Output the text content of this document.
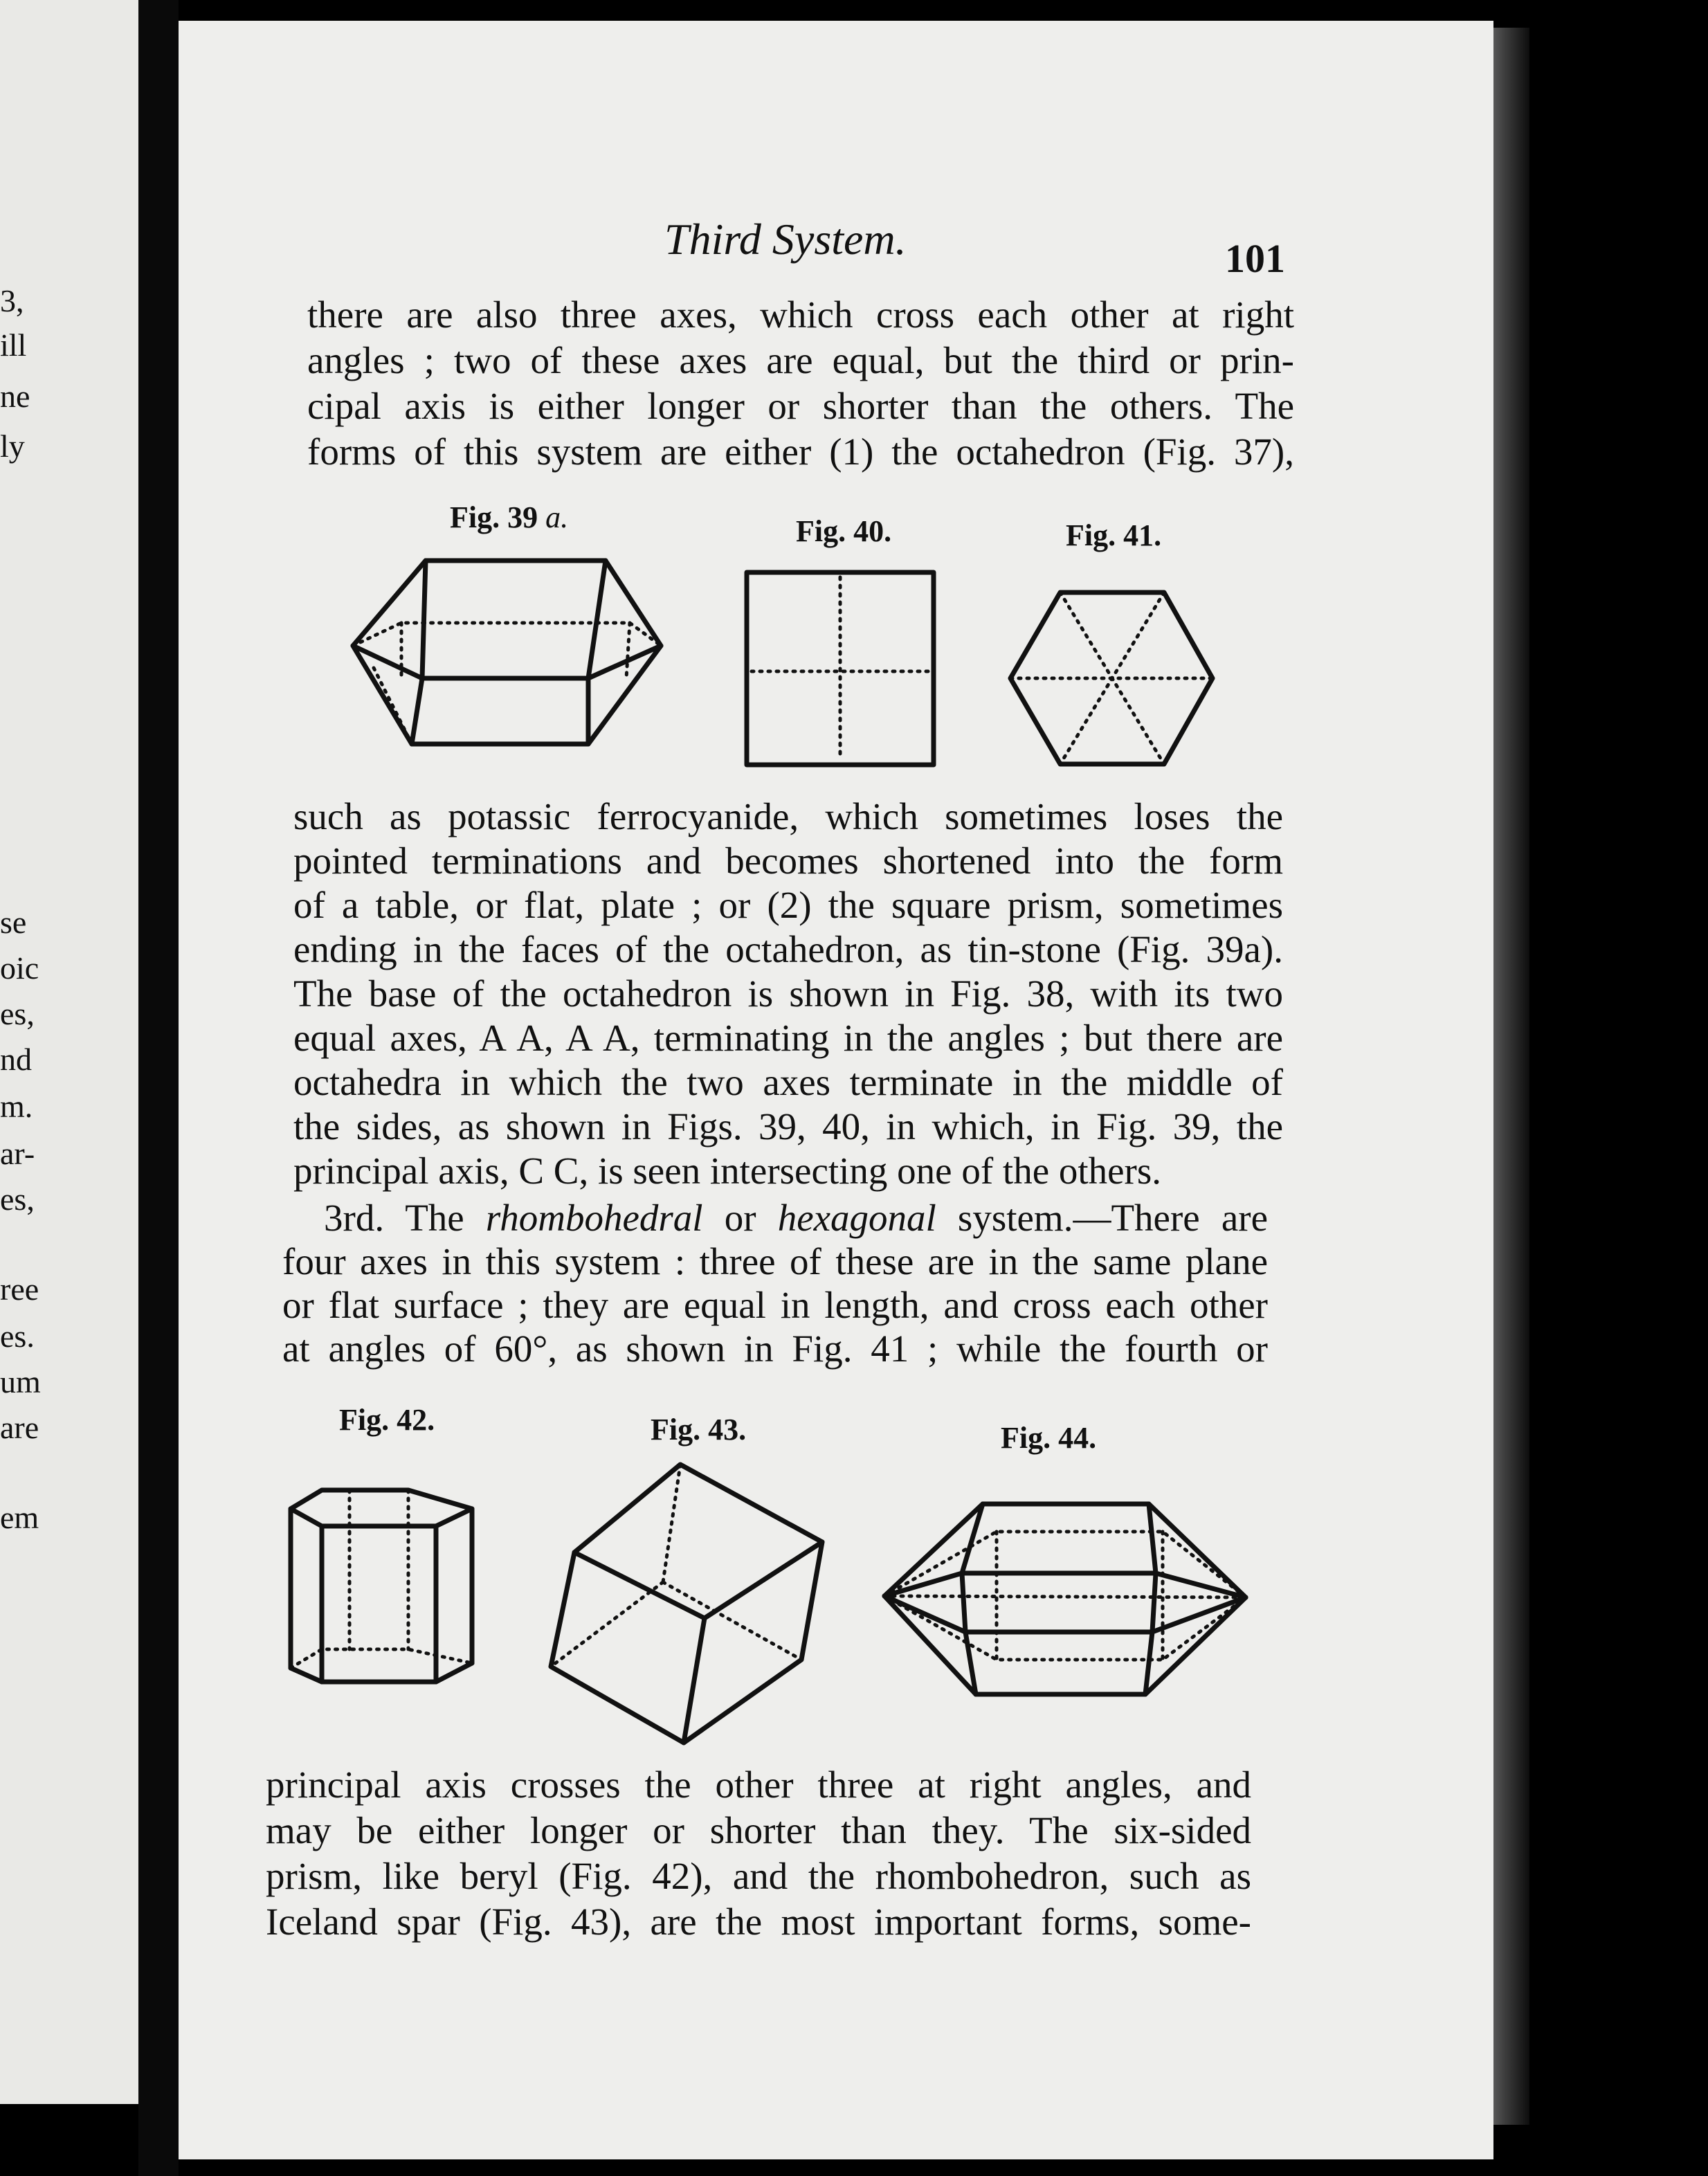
3,
ill
ne
ly
se
oic
es,
nd
m.
ar-
es,
ree
es.
um
are
em
Third System.	101
there are also three axes, which cross each other at right
angles ; two of these axes are equal, but the third or prin-
cipal axis is either longer or shorter than the others. The
forms of this system are either (1) the octahedron (Fig. 37),
Fig. 39 a.	Fig. 40.	Fig. 41.
such as potassic ferrocyanide, which sometimes loses the
pointed terminations and becomes shortened into the form
of a table, or flat, plate ; or (2) the square prism, sometimes
ending in the faces of the octahedron, as tin-stone (Fig. 39a).
The base of the octahedron is shown in Fig. 38, with its two
equal axes, A A, A A, terminating in the angles ; but there are
octahedra in which the two axes terminate in the middle of
the sides, as shown in Figs. 39, 40, in which, in Fig. 39, the
principal axis, C C, is seen intersecting one of the others.
3rd. The rhombohedral or hexagonal system.—There are
four axes in this system : three of these are in the same plane
or flat surface ; they are equal in length, and cross each other
at angles of 60°, as shown in Fig. 41 ; while the fourth or
Fig. 42.	Fig. 43.	Fig. 44.
principal axis crosses the other three at right angles, and
may be either longer or shorter than they. The six-sided
prism, like beryl (Fig. 42), and the rhombohedron, such as
Iceland spar (Fig. 43), are the most important forms, some-
